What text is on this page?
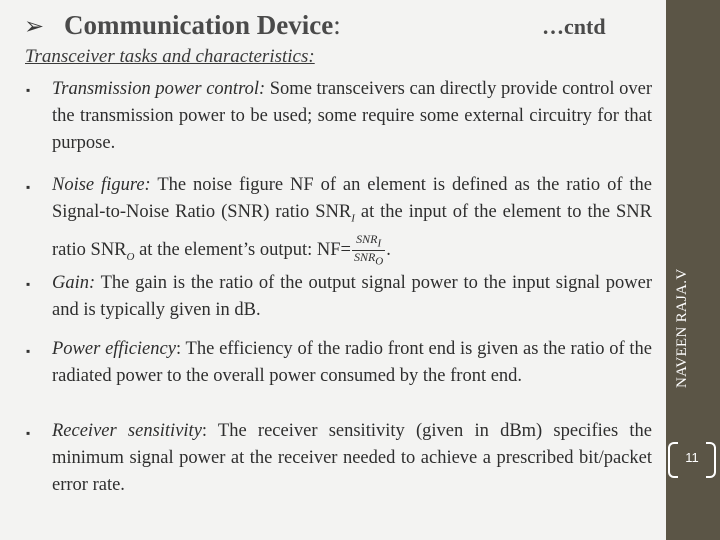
➢ Communication Device:	…cntd
Transceiver tasks and characteristics:
▪ Transmission power control: Some transceivers can directly provide control over the transmission power to be used; some require some external circuitry for that purpose.
▪ Noise figure: The noise figure NF of an element is defined as the ratio of the Signal-to-Noise Ratio (SNR) ratio $SNR_I$ at the input of the element to the SNR ratio $SNR_O$ at the element’s output: $NF= \frac{SNR_I}{SNR_O}$ .
▪ Gain: The gain is the ratio of the output signal power to the input signal power and is typically given in dB.
▪ Power efficiency: The efficiency of the radio front end is given as the ratio of the radiated power to the overall power consumed by the front end.
▪ Receiver sensitivity: The receiver sensitivity (given in dBm) specifies the minimum signal power at the receiver needed to achieve a prescribed bit/packet error rate.
NAVEEN RAJA.V
11
